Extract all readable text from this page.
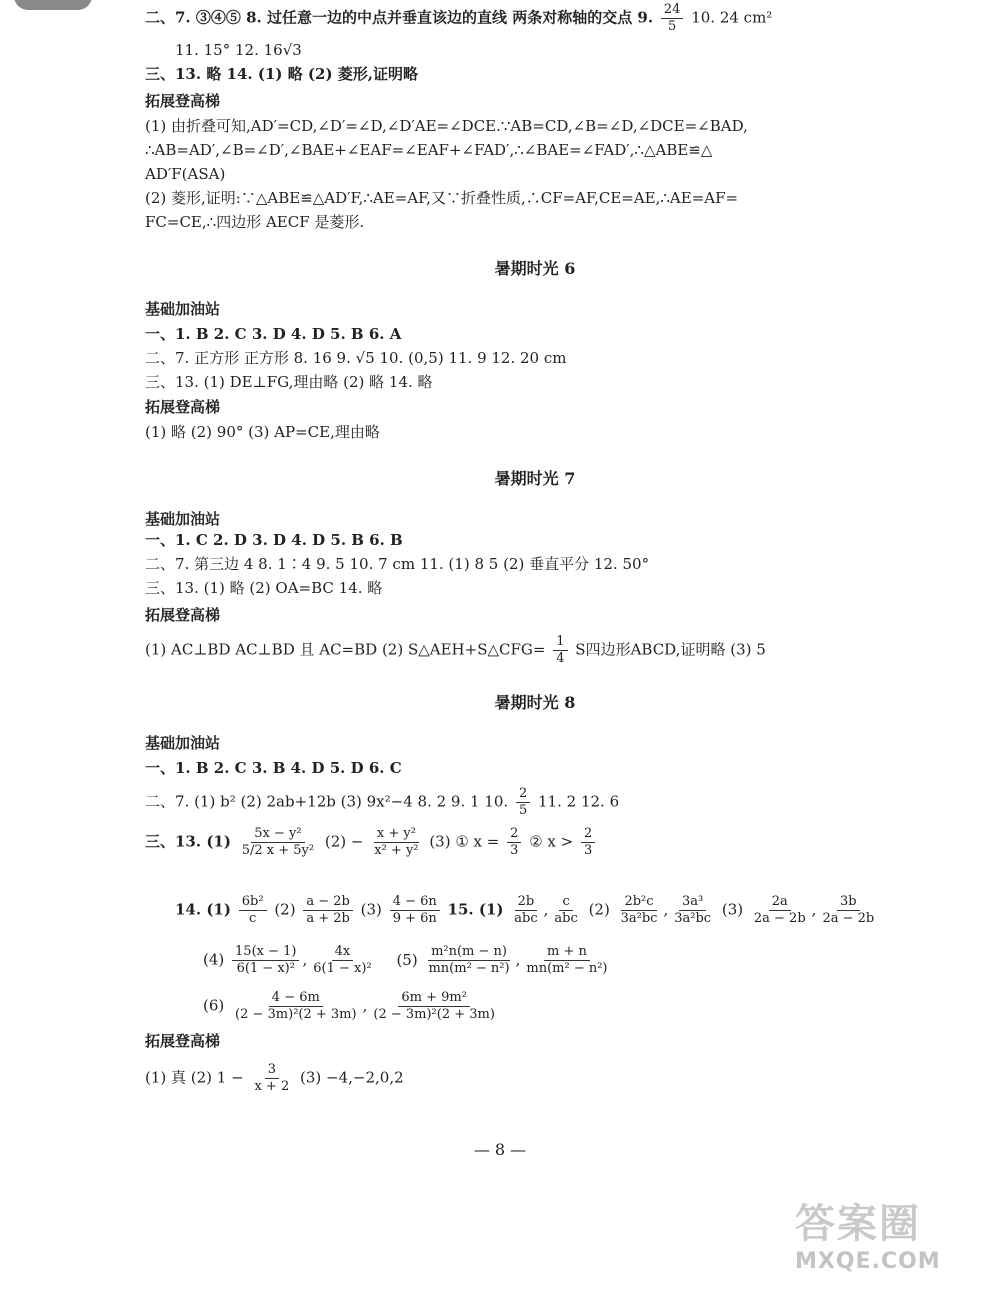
二、7. ③④⑤ 8. 过任意一边的中点并垂直该边的直线 两条对称轴的交点 9. $\frac{24}{5} 10$. 24 cm²
11. 15° 12. 16√3
三、13. 略 14. (1) 略 (2) 菱形,证明略
拓展登高梯
(1) 由折叠可知,AD′=CD,∠D′=∠D,∠D′AE=∠DCE.∵AB=CD,∠B=∠D,∠DCE=∠BAD,
∴AB=AD′,∠B=∠D′,∠BAE+∠EAF=∠EAF+∠FAD′,∴∠BAE=∠FAD′,∴△ABE≌△
AD′F(ASA)
(2) 菱形,证明:∵△ABE≌△AD′F,∴AE=AF,又∵折叠性质,∴CF=AF,CE=AE,∴AE=AF=
FC=CE,∴四边形 AECF 是菱形.
暑期时光 6
基础加油站
一、1. B 2. C 3. D 4. D 5. B 6. A
二、7. 正方形 正方形 8. 16 9. √5 10. (0,5) 11. 9 12. 20 cm
三、13. (1) DE⊥FG,理由略 (2) 略 14. 略
拓展登高梯
(1) 略 (2) 90° (3) AP=CE,理由略
暑期时光 7
基础加油站
一、1. C 2. D 3. D 4. D 5. B 6. B
二、7. 第三边 4 8. 1∶4 9. 5 10. 7 cm 11. (1) 8 5 (2) 垂直平分 12. 50°
三、13. (1) 略 (2) OA=BC 14. 略
拓展登高梯
(1) AC⊥BD AC⊥BD 且 AC=BD (2) S△AEH+S△CFG= $\frac{1}{4}$ S四边形ABCD,证明略 (3) 5
暑期时光 8
基础加油站
一、1. B 2. C 3. B 4. D 5. D 6. C
二、7. (1) b² (2) 2ab+12b (3) 9x²−4 8. 2 9. 1 10. $\frac{2}{5} 11$. 2 12. 6
三、13. $(1) \frac{\text{5x − y²}}{\text{5/2 x + 5y²}} (2) - \frac{\text{x + y²}}{\text{x² + y²}} (3)$ ① $x = \frac{2}{3}$ ② $x > \frac{2}{3}$
14. $(1) \frac{\text{6b²}}{c} (2) \frac{a - 2b}{a + 2b} (3) \frac{4 - 6n}{9 + 6n} 15$. $(1) \frac{2b}{\text{abc}}$ , $\frac{c}{\text{abc}} (2) \frac{\text{2b²c}}{\text{3a²bc}}$ , $\frac{\text{3a³}}{\text{3a²bc}} (3) \frac{2a}{2a - 2b}$ , $\frac{3b}{2a - 2b}$
$(4) \frac{15(x - 1)}{\text{6(1 − x)²}}$ , $\frac{4x}{\text{6(1 − x)²}} (5) \frac{\text{m²n(m − n)}}{\text{mn(m² − n²)}}$ , $\frac{m + n}{\text{mn(m² − n²)}}$
$(6) \frac{4 - 6m}{\text{(2 − 3m)²(2 + 3m)}}$ , $\frac{\text{6m + 9m²}}{\text{(2 − 3m)²(2 + 3m)}}$
拓展登高梯
(1) 真 (2) $1 - \frac{3}{x + 2} (3) -4,-2,0,2$
— 8 —
答案圈
MXQE.COM
